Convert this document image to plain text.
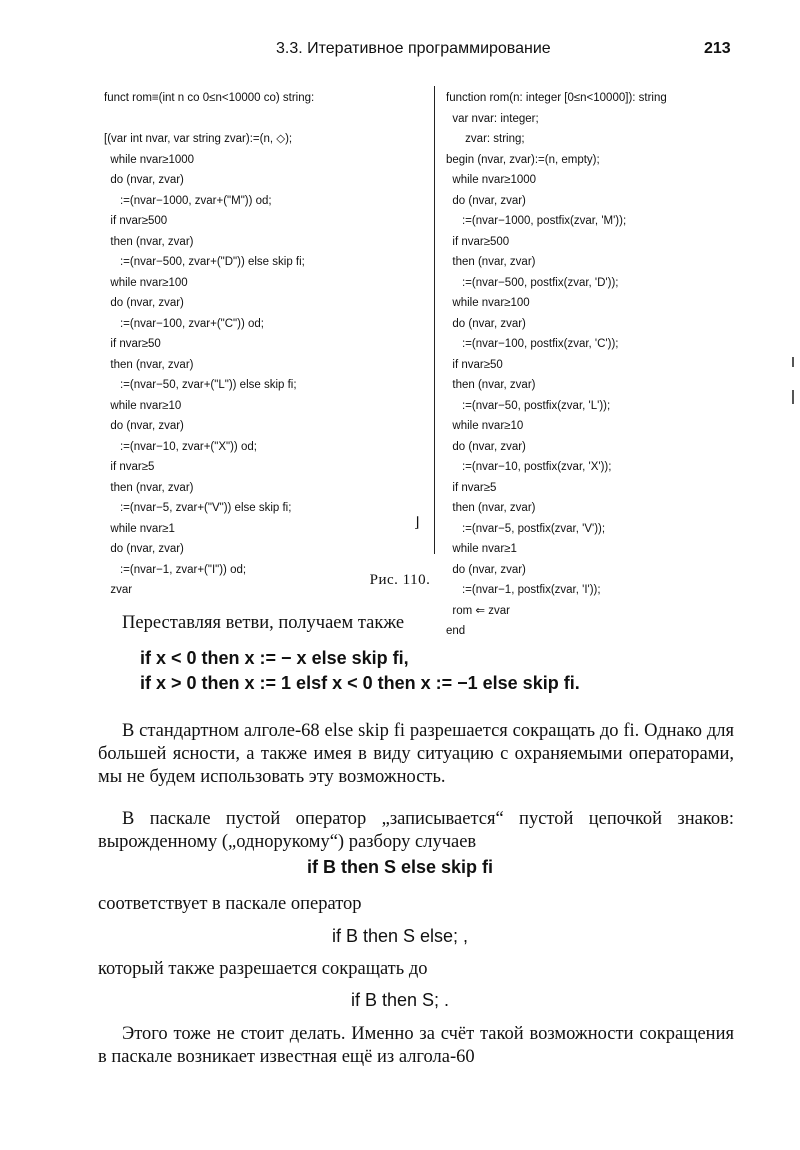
3.3. Итеративное программирование	213
funct rom≡(int n co 0≤n<10000 co) string:
[(var int nvar, var string zvar):=(n, ◇);
while nvar≥1000
do (nvar, zvar)
:=(nvar−1000, zvar+("M")) od;
if nvar≥500
then (nvar, zvar)
:=(nvar−500, zvar+("D")) else skip fi;
while nvar≥100
do (nvar, zvar)
:=(nvar−100, zvar+("C")) od;
if nvar≥50
then (nvar, zvar)
:=(nvar−50, zvar+("L")) else skip fi;
while nvar≥10
do (nvar, zvar)
:=(nvar−10, zvar+("X")) od;
if nvar≥5
then (nvar, zvar)
:=(nvar−5, zvar+("V")) else skip fi;
while nvar≥1
do (nvar, zvar)
:=(nvar−1, zvar+("I")) od;
zvar
function rom(n: integer [0≤n<10000]): string
var nvar: integer;
zvar: string;
begin (nvar, zvar):=(n, empty);
while nvar≥1000
do (nvar, zvar)
:=(nvar−1000, postfix(zvar, 'M'));
if nvar≥500
then (nvar, zvar)
:=(nvar−500, postfix(zvar, 'D'));
while nvar≥100
do (nvar, zvar)
:=(nvar−100, postfix(zvar, 'C'));
if nvar≥50
then (nvar, zvar)
:=(nvar−50, postfix(zvar, 'L'));
while nvar≥10
do (nvar, zvar)
:=(nvar−10, postfix(zvar, 'X'));
if nvar≥5
then (nvar, zvar)
:=(nvar−5, postfix(zvar, 'V'));
while nvar≥1
do (nvar, zvar)
:=(nvar−1, postfix(zvar, 'I'));
rom ⇐ zvar
end
⌋
Рис. 110.
Переставляя ветви, получаем также
if x < 0 then x := − x else skip fi,
if x > 0 then x := 1 elsf x < 0 then x := −1 else skip fi.
В стандартном алголе-68 else skip fi разрешается сокращать до fi. Однако для большей ясности, а также имея в виду ситуацию с охраняемыми операторами, мы не будем использовать эту возможность.
В паскале пустой оператор „записывается“ пустой цепочкой знаков: вырожденному („однорукому“) разбору случаев
if B then S else skip fi
соответствует в паскале оператор
if B then S else; ,
который также разрешается сокращать до
if B then S; .
Этого тоже не стоит делать. Именно за счёт такой возможности сокращения в паскале возникает известная ещё из алгола-60
